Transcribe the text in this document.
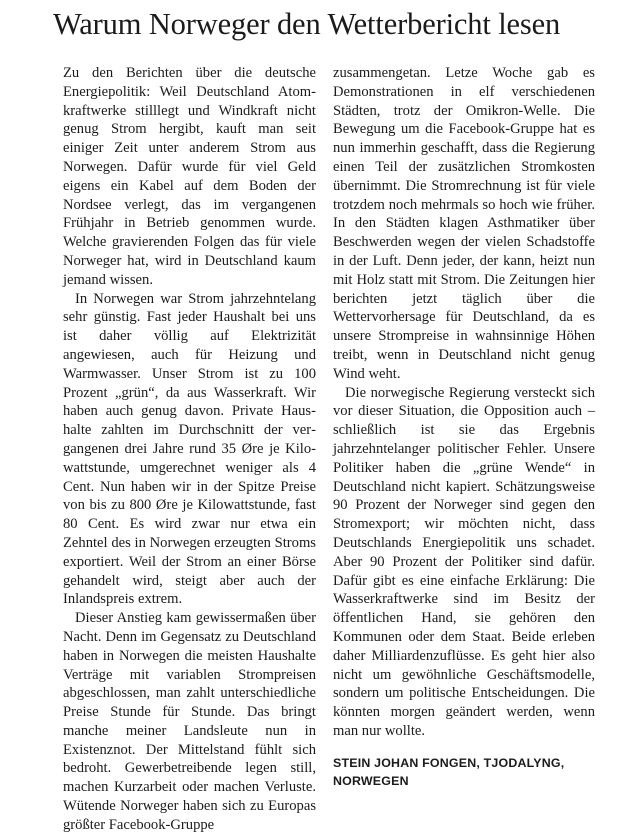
Warum Norweger den Wetterbericht lesen

Zu den Berichten über die deutsche Energiepolitik: Weil Deutschland Atomkraftwerke stilllegt und Windkraft nicht genug Strom hergibt, kauft man seit einiger Zeit unter anderem Strom aus Norwegen. Dafür wurde für viel Geld eigens ein Kabel auf dem Boden der Nordsee verlegt, das im vergangenen Frühjahr in Betrieb genommen wurde. Welche gravierenden Folgen das für viele Norweger hat, wird in Deutschland kaum jemand wissen.

In Norwegen war Strom jahrzehntelang sehr günstig. Fast jeder Haushalt bei uns ist daher völlig auf Elektrizität angewiesen, auch für Heizung und Warmwasser. Unser Strom ist zu 100 Prozent „grün“, da aus Wasserkraft. Wir haben auch genug davon. Private Haushalte zahlten im Durchschnitt der vergangenen drei Jahre rund 35 Øre je Kilowattstunde, umgerechnet weniger als 4 Cent. Nun haben wir in der Spitze Preise von bis zu 800 Øre je Kilowattstunde, fast 80 Cent. Es wird zwar nur etwa ein Zehntel des in Norwegen erzeugten Stroms exportiert. Weil der Strom an einer Börse gehandelt wird, steigt aber auch der Inlandspreis extrem.

Dieser Anstieg kam gewissermaßen über Nacht. Denn im Gegensatz zu Deutschland haben in Norwegen die meisten Haushalte Verträge mit variablen Strompreisen abgeschlossen, man zahlt unterschiedliche Preise Stunde für Stunde. Das bringt manche meiner Landsleute nun in Existenznot. Der Mittelstand fühlt sich bedroht. Gewerbetreibende legen still, machen Kurzarbeit oder machen Verluste. Wütende Norweger haben sich zu Europas größter Facebook-Gruppe

zusammengetan. Letze Woche gab es Demonstrationen in elf verschiedenen Städten, trotz der Omikron-Welle. Die Bewegung um die Facebook-Gruppe hat es nun immerhin geschafft, dass die Regierung einen Teil der zusätzlichen Stromkosten übernimmt. Die Stromrechnung ist für viele trotzdem noch mehrmals so hoch wie früher. In den Städten klagen Asthmatiker über Beschwerden wegen der vielen Schadstoffe in der Luft. Denn jeder, der kann, heizt nun mit Holz statt mit Strom. Die Zeitungen hier berichten jetzt täglich über die Wettervorhersage für Deutschland, da es unsere Strompreise in wahnsinnige Höhen treibt, wenn in Deutschland nicht genug Wind weht.

Die norwegische Regierung versteckt sich vor dieser Situation, die Opposition auch – schließlich ist sie das Ergebnis jahrzehntelanger politischer Fehler. Unsere Politiker haben die „grüne Wende“ in Deutschland nicht kapiert. Schätzungsweise 90 Prozent der Norweger sind gegen den Stromexport; wir möchten nicht, dass Deutschlands Energiepolitik uns schadet. Aber 90 Prozent der Politiker sind dafür. Dafür gibt es eine einfache Erklärung: Die Wasserkraftwerke sind im Besitz der öffentlichen Hand, sie gehören den Kommunen oder dem Staat. Beide erleben daher Milliardenzuflüsse. Es geht hier also nicht um gewöhnliche Geschäftsmodelle, sondern um politische Entscheidungen. Die könnten morgen geändert werden, wenn man nur wollte.

STEIN JOHAN FONGEN, TJODALYNG, NORWEGEN
